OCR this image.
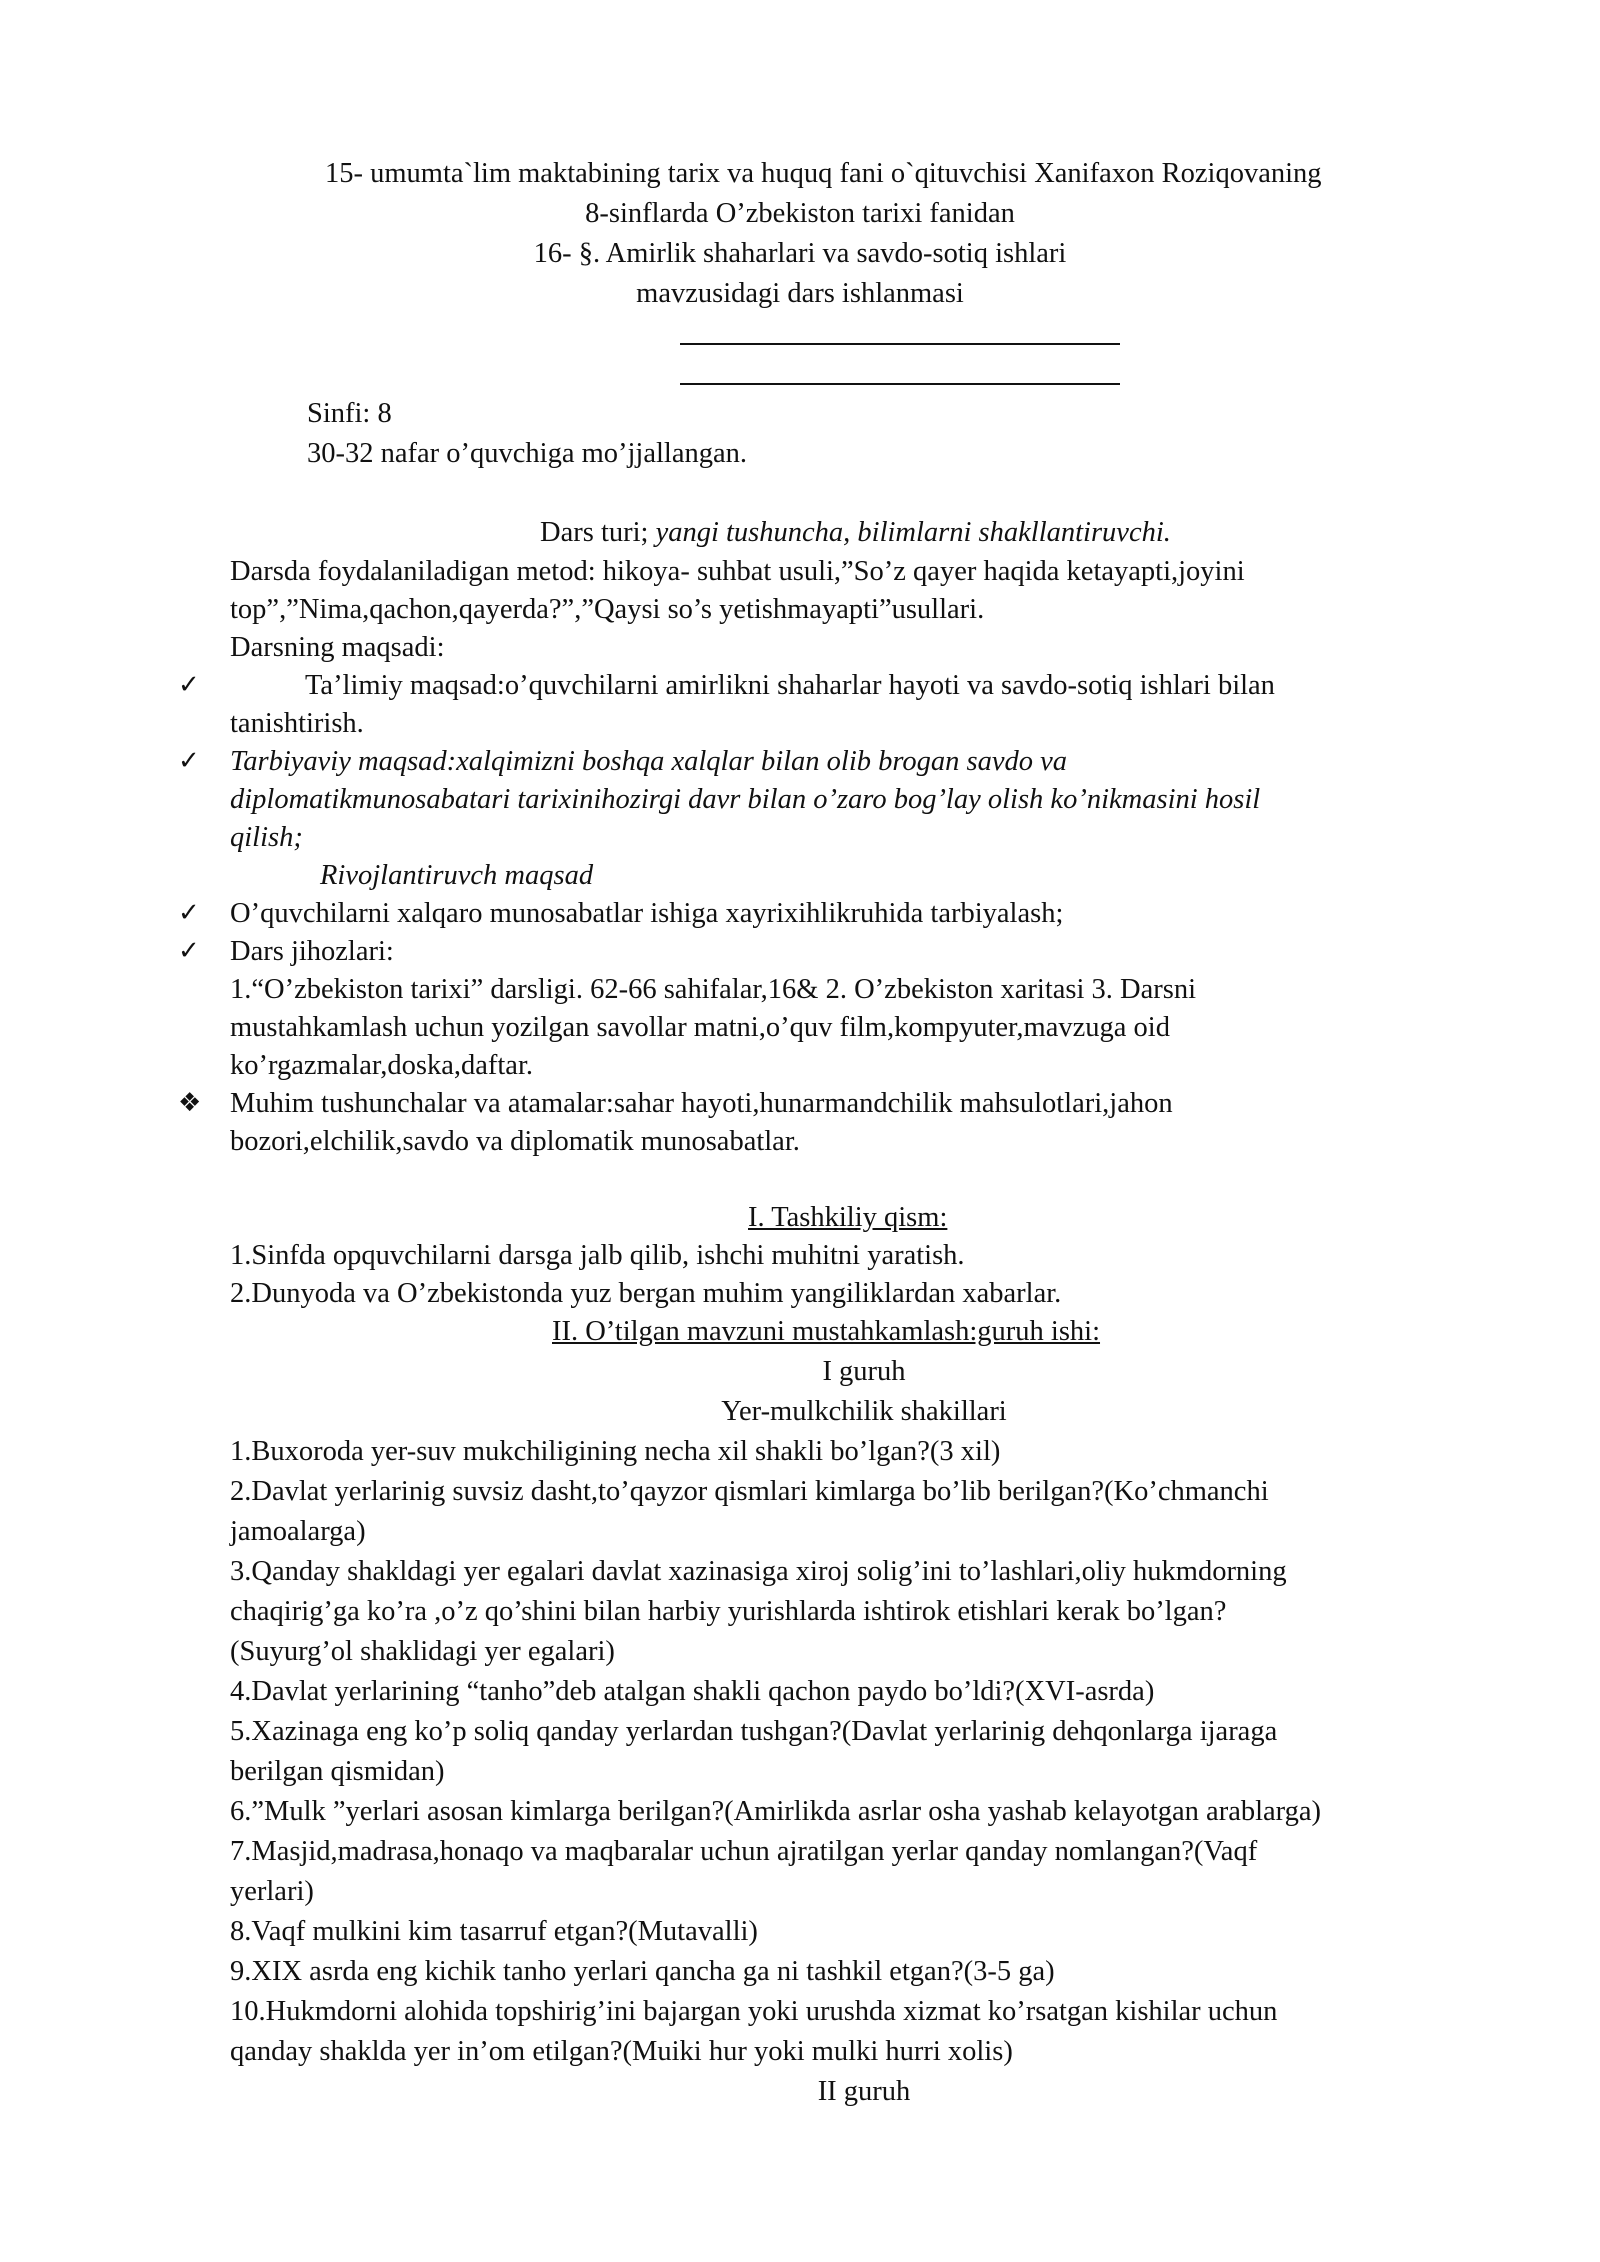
15- umumta`lim maktabining tarix va huquq fani o`qituvchisi Xanifaxon Roziqovaning
8-sinflarda O’zbekiston tarixi fanidan
16- §. Amirlik shaharlari va savdo-sotiq ishlari
mavzusidagi dars ishlanmasi
Sinfi: 8
30-32 nafar o’quvchiga mo’jjallangan.
Dars turi; yangi tushuncha, bilimlarni shakllantiruvchi.
Darsda foydalaniladigan metod: hikoya- suhbat usuli,”So’z qayer haqida ketayapti,joyini
top”,”Nima,qachon,qayerda?”,”Qaysi so’s yetishmayapti”usullari.
Darsning maqsadi:
✓	Ta’limiy maqsad:o’quvchilarni amirlikni shaharlar hayoti va savdo-sotiq ishlari bilan
tanishtirish.
✓ Tarbiyaviy maqsad:xalqimizni boshqa xalqlar bilan olib brogan savdo va
diplomatikmunosabatari tarixinihozirgi davr bilan o’zaro bog’lay olish ko’nikmasini hosil
qilish;
Rivojlantiruvch maqsad
✓ O’quvchilarni xalqaro munosabatlar ishiga xayrixihlikruhida tarbiyalash;
✓ Dars jihozlari:
1.“O’zbekiston tarixi” darsligi. 62-66 sahifalar,16& 2. O’zbekiston xaritasi 3. Darsni
mustahkamlash uchun yozilgan savollar matni,o’quv film,kompyuter,mavzuga oid
ko’rgazmalar,doska,daftar.
❖ Muhim tushunchalar va atamalar:sahar hayoti,hunarmandchilik mahsulotlari,jahon
bozori,elchilik,savdo va diplomatik munosabatlar.
I. Tashkiliy qism:
1.Sinfda opquvchilarni darsga jalb qilib, ishchi muhitni yaratish.
2.Dunyoda va O’zbekistonda yuz bergan muhim yangiliklardan xabarlar.
II. O’tilgan mavzuni mustahkamlash:guruh ishi:
I guruh
Yer-mulkchilik shakillari
1.Buxoroda yer-suv mukchiligining necha xil shakli bo’lgan?(3 xil)
2.Davlat yerlarinig suvsiz dasht,to’qayzor qismlari kimlarga bo’lib berilgan?(Ko’chmanchi
jamoalarga)
3.Qanday shakldagi yer egalari davlat xazinasiga xiroj solig’ini to’lashlari,oliy hukmdorning
chaqirig’ga ko’ra ,o’z qo’shini bilan harbiy yurishlarda ishtirok etishlari kerak bo’lgan?
(Suyurg’ol shaklidagi yer egalari)
4.Davlat yerlarining “tanho”deb atalgan shakli qachon paydo bo’ldi?(XVI-asrda)
5.Xazinaga eng ko’p soliq qanday yerlardan tushgan?(Davlat yerlarinig dehqonlarga ijaraga
berilgan qismidan)
6.”Mulk ”yerlari asosan kimlarga berilgan?(Amirlikda asrlar osha yashab kelayotgan arablarga)
7.Masjid,madrasa,honaqo va maqbaralar uchun ajratilgan yerlar qanday nomlangan?(Vaqf
yerlari)
8.Vaqf mulkini kim tasarruf etgan?(Mutavalli)
9.XIX asrda eng kichik tanho yerlari qancha ga ni tashkil etgan?(3-5 ga)
10.Hukmdorni alohida topshirig’ini bajargan yoki urushda xizmat ko’rsatgan kishilar uchun
qanday shaklda yer in’om etilgan?(Muiki hur yoki mulki hurri xolis)
II guruh
